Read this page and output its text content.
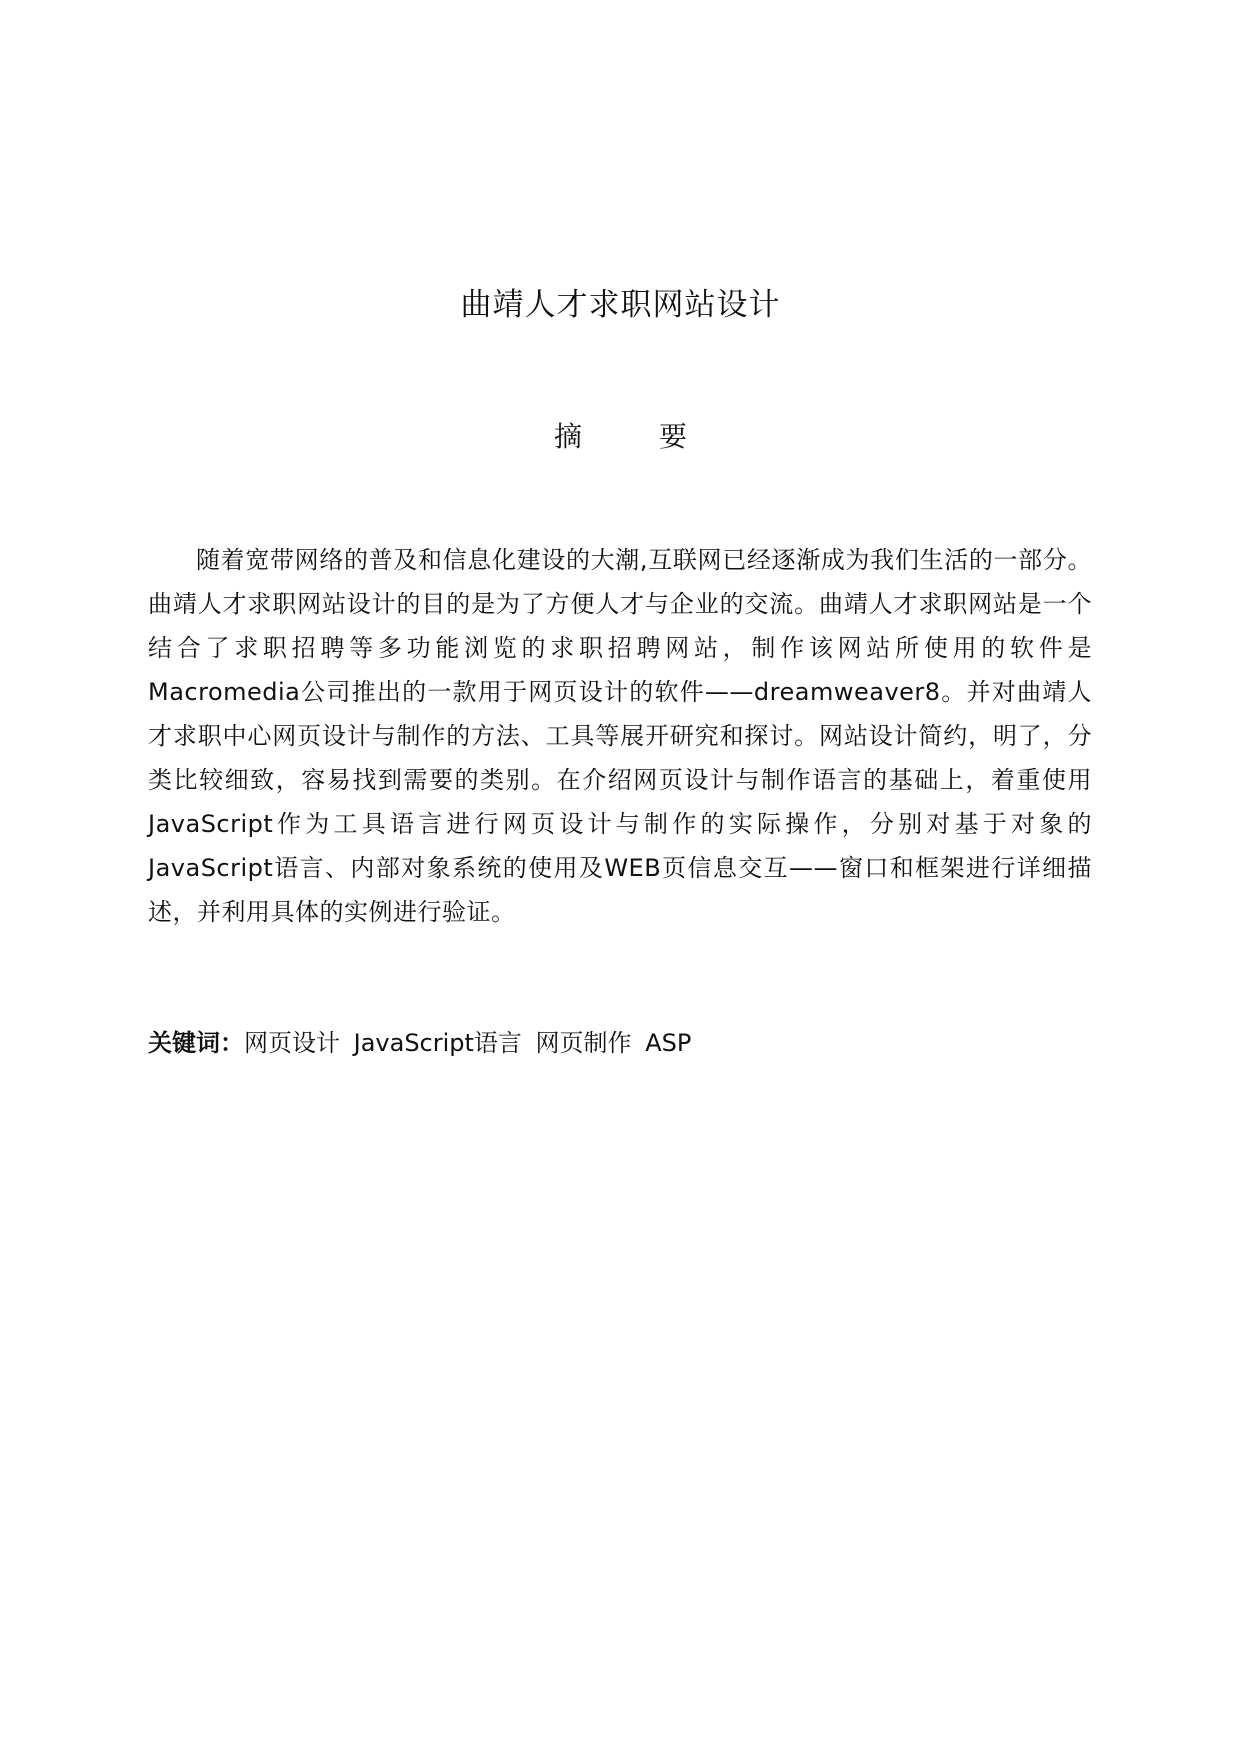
曲靖人才求职网站设计
摘 要

随着宽带网络的普及和信息化建设的大潮,互联网已经逐渐成为我们生活的一部分。曲靖人才求职网站设计的目的是为了方便人才与企业的交流。曲靖人才求职网站是一个结合了求职招聘等多功能浏览的求职招聘网站，制作该网站所使用的软件是Macromedia公司推出的一款用于网页设计的软件——dreamweaver8。并对曲靖人才求职中心网页设计与制作的方法、工具等展开研究和探讨。网站设计简约，明了，分类比较细致，容易找到需要的类别。在介绍网页设计与制作语言的基础上，着重使用JavaScript作为工具语言进行网页设计与制作的实际操作，分别对基于对象的JavaScript语言、内部对象系统的使用及WEB页信息交互——窗口和框架进行详细描述，并利用具体的实例进行验证。

关键词：网页设计 JavaScript语言 网页制作 ASP
